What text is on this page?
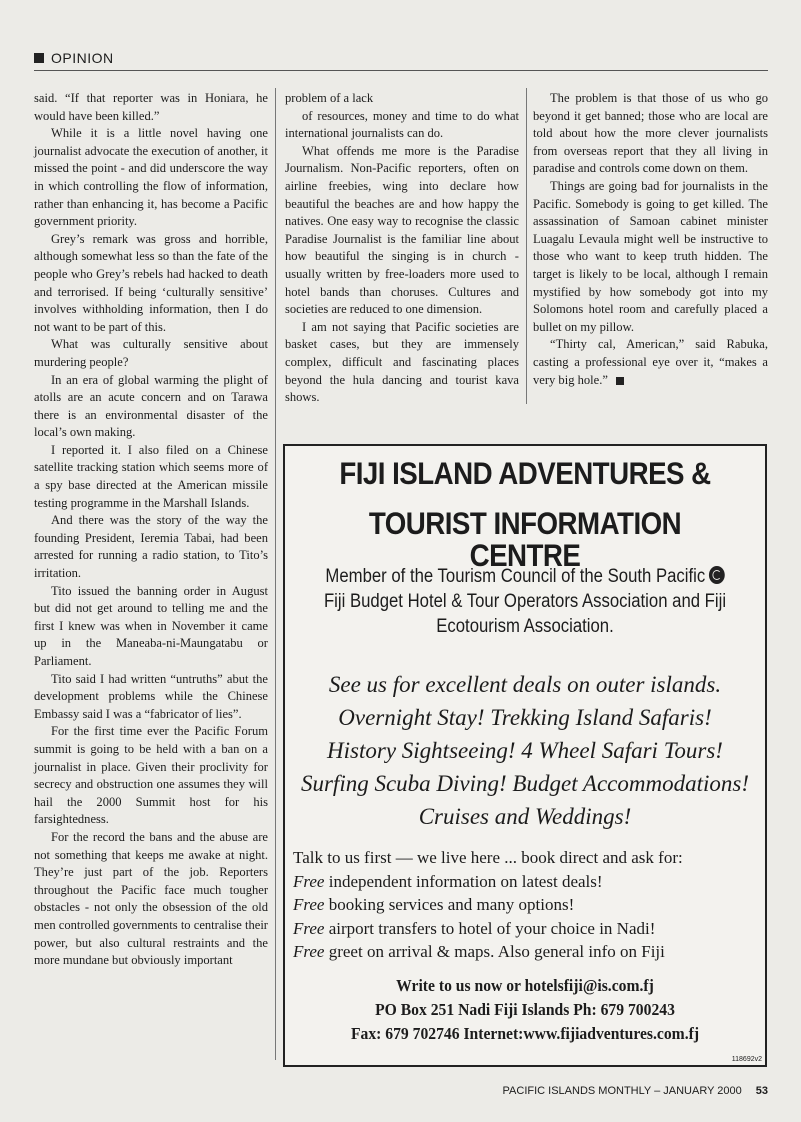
OPINION

said. “If that reporter was in Honiara, he would have been killed.”

While it is a little novel having one journalist advocate the execution of another, it missed the point - and did underscore the way in which controlling the flow of information, rather than enhancing it, has become a Pacific government priority.

Grey’s remark was gross and horrible, although somewhat less so than the fate of the people who Grey’s rebels had hacked to death and terrorised. If being ‘culturally sensitive’ involves withholding information, then I do not want to be part of this.

What was culturally sensitive about murdering people?

In an era of global warming the plight of atolls are an acute concern and on Tarawa there is an environmental disaster of the local’s own making.

I reported it. I also filed on a Chinese satellite tracking station which seems more of a spy base directed at the American missile testing programme in the Marshall Islands.

And there was the story of the way the founding President, Ieremia Tabai, had been arrested for running a radio station, to Tito’s irritation.

Tito issued the banning order in August but did not get around to telling me and the first I knew was when in November it came up in the Maneaba-ni-Maungatabu or Parliament.

Tito said I had written “untruths” abut the development problems while the Chinese Embassy said I was a “fabricator of lies”.

For the first time ever the Pacific Forum summit is going to be held with a ban on a journalist in place. Given their proclivity for secrecy and obstruction one assumes they will hail the 2000 Summit host for his farsightedness.

For the record the bans and the abuse are not something that keeps me awake at night. They’re just part of the job. Reporters throughout the Pacific face much tougher obstacles - not only the obsession of the old men controlled governments to centralise their power, but also cultural restraints and the more mundane but obviously important

problem of a lack

of resources, money and time to do what international journalists can do.

What offends me more is the Paradise Journalism. Non-Pacific reporters, often on airline freebies, wing into declare how beautiful the beaches are and how happy the natives. One easy way to recognise the classic Paradise Journalist is the familiar line about how beautiful the singing is in church - usually written by free-loaders more used to hotel bands than choruses. Cultures and societies are reduced to one dimension.

I am not saying that Pacific societies are basket cases, but they are immensely complex, difficult and fascinating places beyond the hula dancing and tourist kava shows.

The problem is that those of us who go beyond it get banned; those who are local are told about how the more clever journalists from overseas report that they all living in paradise and controls come down on them.

Things are going bad for journalists in the Pacific. Somebody is going to get killed. The assassination of Samoan cabinet minister Luagalu Levaula might well be instructive to those who want to keep truth hidden. The target is likely to be local, although I remain mystified by how somebody got into my Solomons hotel room and carefully placed a bullet on my pillow.

“Thirty cal, American,” said Rabuka, casting a professional eye over it, “makes a very big hole.”

FIJI ISLAND ADVENTURES &
TOURIST INFORMATION CENTRE
Member of the Tourism Council of the South Pacific
Fiji Budget Hotel & Tour Operators Association and Fiji
Ecotourism Association.
See us for excellent deals on outer islands.
Overnight Stay! Trekking Island Safaris!
History Sightseeing! 4 Wheel Safari Tours!
Surfing Scuba Diving! Budget Accommodations!
Cruises and Weddings!
Talk to us first — we live here ... book direct and ask for:
Free independent information on latest deals!
Free booking services and many options!
Free airport transfers to hotel of your choice in Nadi!
Free greet on arrival & maps. Also general info on Fiji
Write to us now or hotelsfiji@is.com.fj
PO Box 251 Nadi Fiji Islands Ph: 679 700243
Fax: 679 702746 Internet:www.fijiadventures.com.fj
118692v2
PACIFIC ISLANDS MONTHLY – JANUARY 2000 53
